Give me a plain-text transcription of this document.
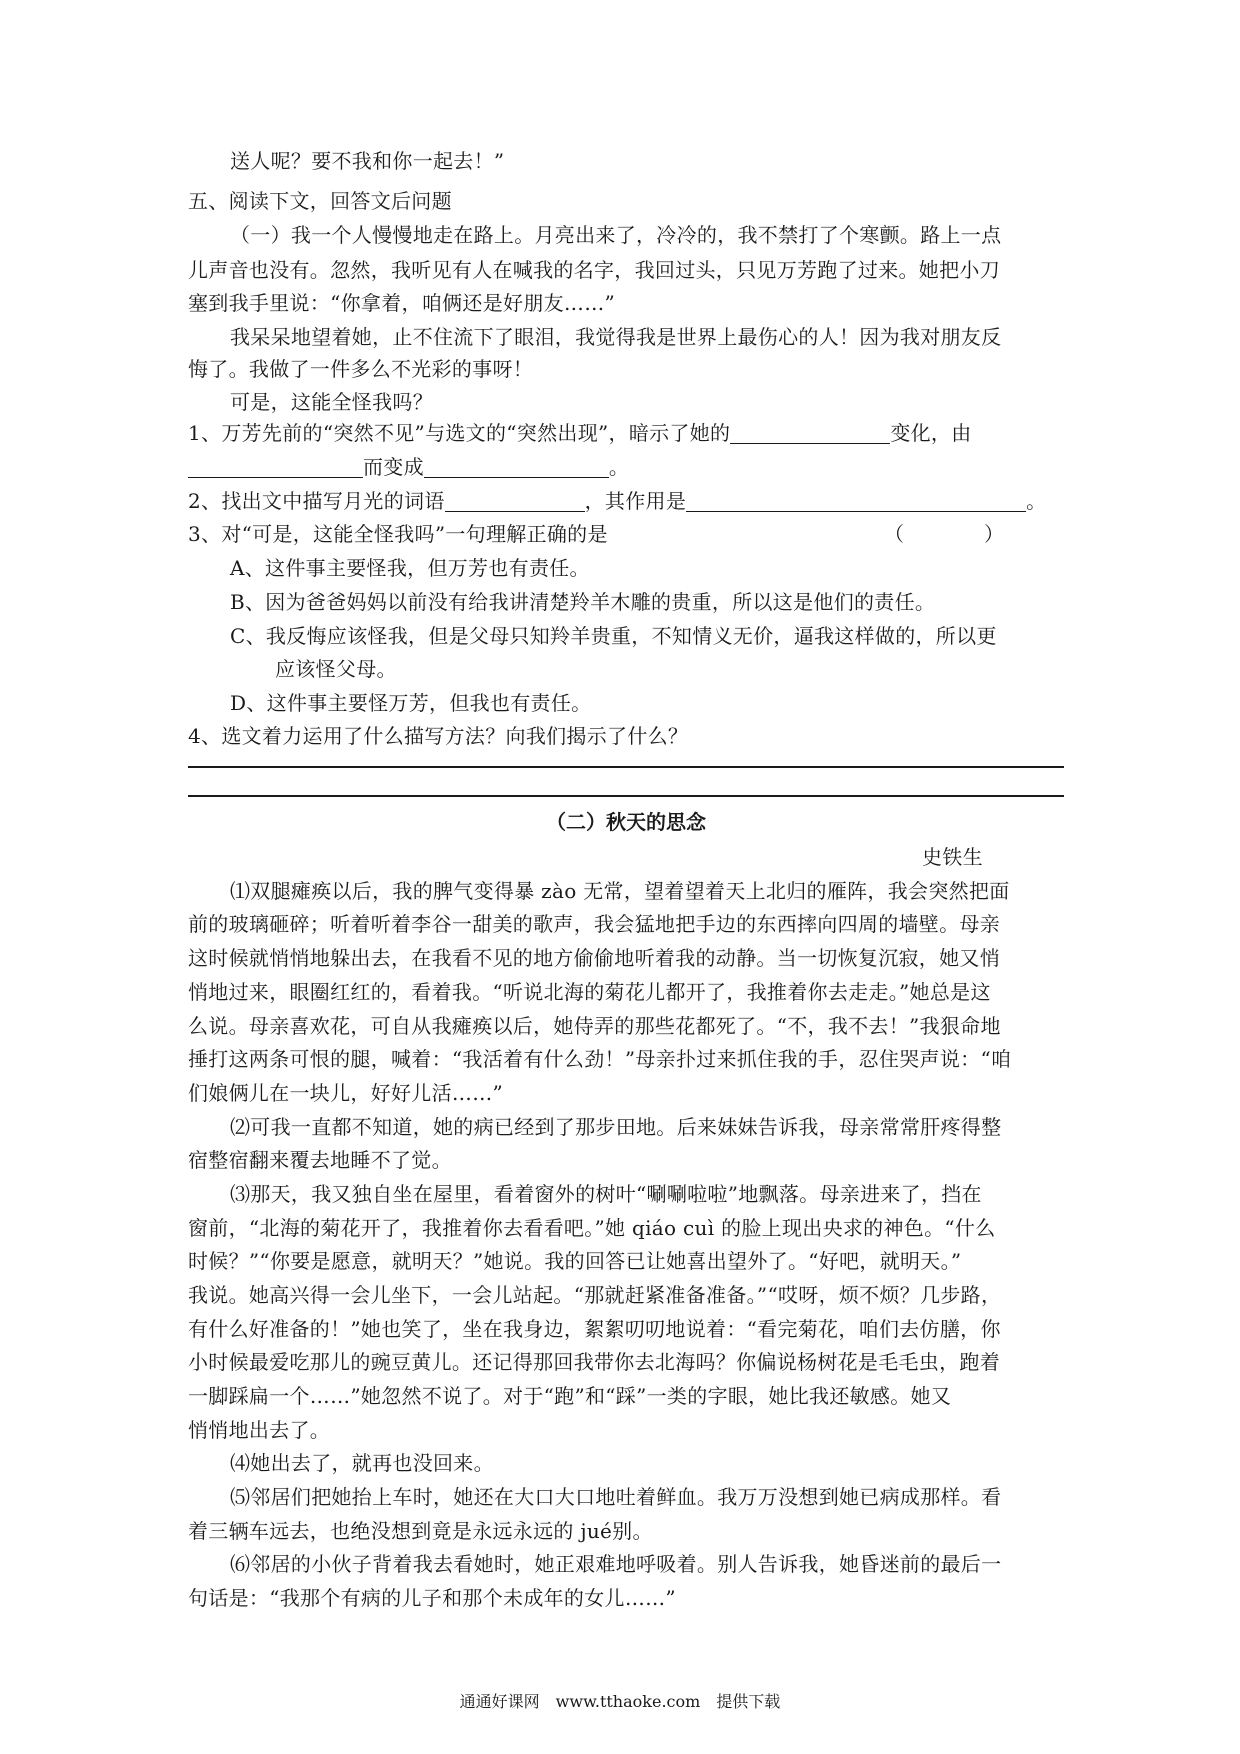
送人呢？要不我和你一起去！”
五、阅读下文，回答文后问题
（一）我一个人慢慢地走在路上。月亮出来了，冷冷的，我不禁打了个寒颤。路上一点
儿声音也没有。忽然，我听见有人在喊我的名字，我回过头，只见万芳跑了过来。她把小刀
塞到我手里说：“你拿着，咱俩还是好朋友……”
我呆呆地望着她，止不住流下了眼泪，我觉得我是世界上最伤心的人！因为我对朋友反
悔了。我做了一件多么不光彩的事呀！
可是，这能全怪我吗？
1、万芳先前的“突然不见”与选文的“突然出现”，暗示了她的	变化，由
而变成	。
2、找出文中描写月光的词语	，其作用是	。
3、对“可是，这能全怪我吗”一句理解正确的是	（	）
A、这件事主要怪我，但万芳也有责任。
B、因为爸爸妈妈以前没有给我讲清楚羚羊木雕的贵重，所以这是他们的责任。
C、我反悔应该怪我，但是父母只知羚羊贵重，不知情义无价，逼我这样做的，所以更
应该怪父母。
D、这件事主要怪万芳，但我也有责任。
4、选文着力运用了什么描写方法？向我们揭示了什么？
（二）秋天的思念
史铁生
⑴双腿瘫痪以后，我的脾气变得暴 zào 无常，望着望着天上北归的雁阵，我会突然把面
前的玻璃砸碎；听着听着李谷一甜美的歌声，我会猛地把手边的东西摔向四周的墙壁。母亲
这时候就悄悄地躲出去，在我看不见的地方偷偷地听着我的动静。当一切恢复沉寂，她又悄
悄地过来，眼圈红红的，看着我。“听说北海的菊花儿都开了，我推着你去走走。”她总是这
么说。母亲喜欢花，可自从我瘫痪以后，她侍弄的那些花都死了。“不，我不去！”我狠命地
捶打这两条可恨的腿，喊着：“我活着有什么劲！”母亲扑过来抓住我的手，忍住哭声说：“咱
们娘俩儿在一块儿，好好儿活……”
⑵可我一直都不知道，她的病已经到了那步田地。后来妹妹告诉我，母亲常常肝疼得整
宿整宿翻来覆去地睡不了觉。
⑶那天，我又独自坐在屋里，看着窗外的树叶“唰唰啦啦”地飘落。母亲进来了，挡在
窗前，“北海的菊花开了，我推着你去看看吧。”她 qiáo cuì 的脸上现出央求的神色。“什么
时候？”“你要是愿意，就明天？”她说。我的回答已让她喜出望外了。“好吧，就明天。”
我说。她高兴得一会儿坐下，一会儿站起。“那就赶紧准备准备。”“哎呀，烦不烦？几步路，
有什么好准备的！”她也笑了，坐在我身边，絮絮叨叨地说着：“看完菊花，咱们去仿膳，你
小时候最爱吃那儿的豌豆黄儿。还记得那回我带你去北海吗？你偏说杨树花是毛毛虫，跑着
一脚踩扁一个……”她忽然不说了。对于“跑”和“踩”一类的字眼，她比我还敏感。她又
悄悄地出去了。
⑷她出去了，就再也没回来。
⑸邻居们把她抬上车时，她还在大口大口地吐着鲜血。我万万没想到她已病成那样。看
着三辆车远去，也绝没想到竟是永远永远的 jué别。
⑹邻居的小伙子背着我去看她时，她正艰难地呼吸着。别人告诉我，她昏迷前的最后一
句话是：“我那个有病的儿子和那个未成年的女儿……”
通通好课网　www.tthaoke.com　提供下载
